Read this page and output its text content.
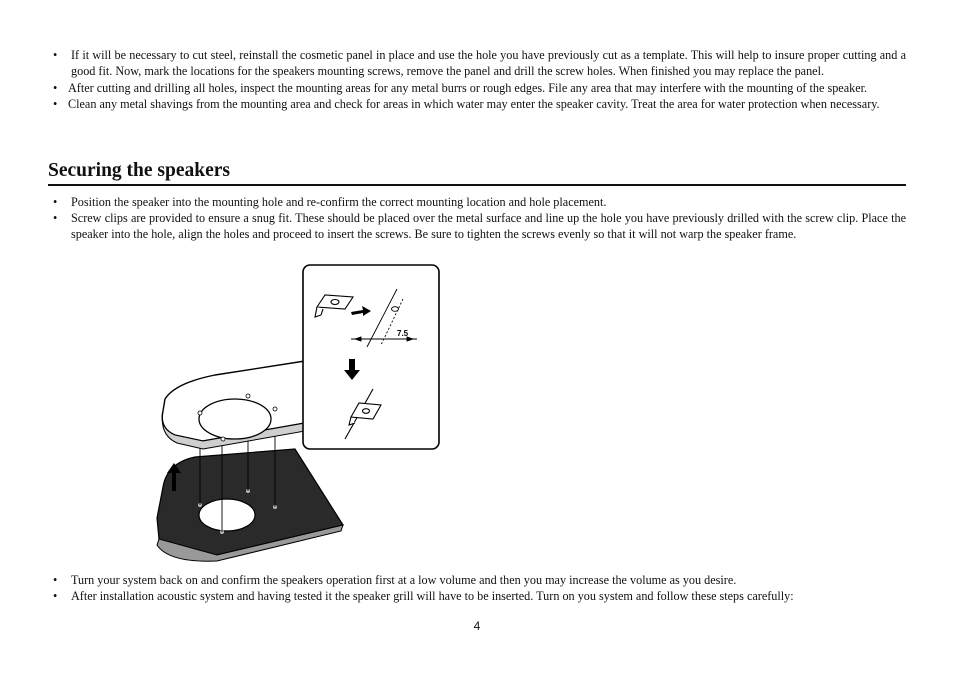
• If it will be necessary to cut steel, reinstall the cosmetic panel in place and use the hole you have previously cut as a template. This will help to insure proper cutting and a good fit. Now, mark the locations for the speakers mounting screws, remove the panel and drill the screw holes. When finished you may replace the panel.
• After cutting and drilling all holes, inspect the mounting areas for any metal burrs or rough edges. File any area that may interfere with the mounting of the speaker.
• Clean any metal shavings from the mounting area and check for areas in which water may enter the speaker cavity. Treat the area for water protection when necessary.
Securing the speakers
• Position the speaker into the mounting hole and re-confirm the correct mounting location and hole placement.
• Screw clips are provided to ensure a snug fit. These should be placed over the metal surface and line up the hole you have previously drilled with the screw clip. Place the speaker into the hole, align the holes and proceed to insert the screws. Be sure to tighten the screws evenly so that it will not warp the speaker frame.
7.5
• Turn your system back on and confirm the speakers operation first at a low volume and then you may increase the volume as you desire.
• After installation acoustic system and having tested it the speaker grill will have to be inserted. Turn on you system and follow these steps carefully:
4
